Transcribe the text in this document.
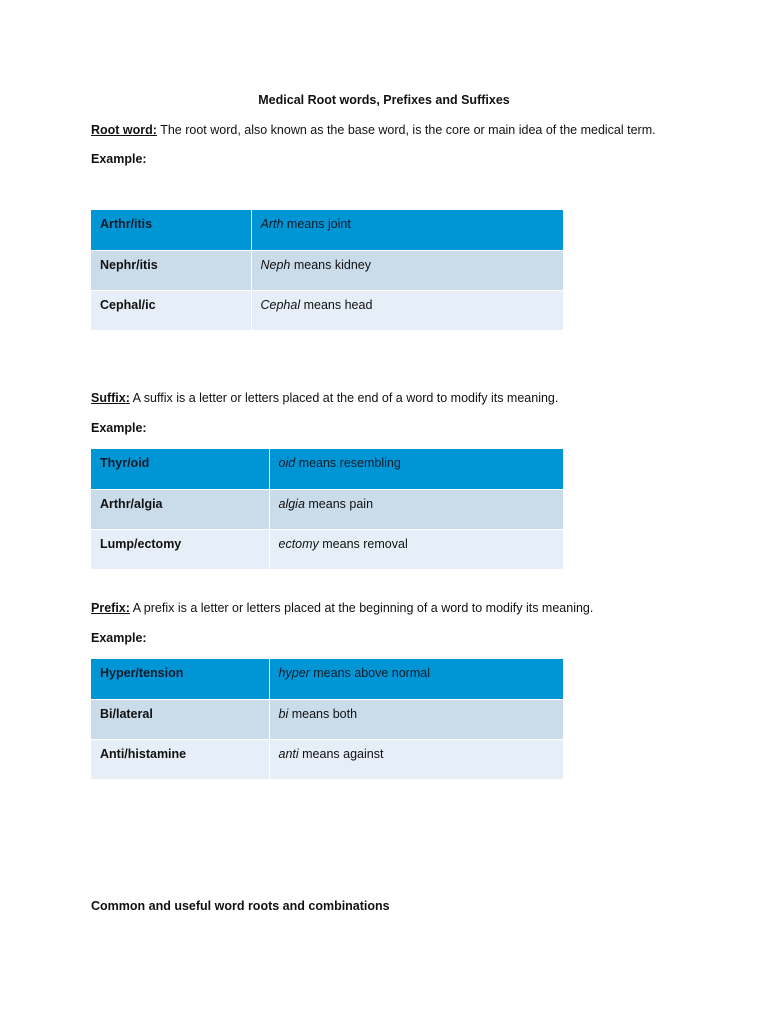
Medical Root words, Prefixes and Suffixes
Root word: The root word, also known as the base word, is the core or main idea of the medical term.
Example:
Arthr/itis	Arth means joint
Nephr/itis	Neph means kidney
Cephal/ic	Cephal means head
Suffix: A suffix is a letter or letters placed at the end of a word to modify its meaning.
Example:
Thyr/oid	oid means resembling
Arthr/algia	algia means pain
Lump/ectomy	ectomy means removal
Prefix: A prefix is a letter or letters placed at the beginning of a word to modify its meaning.
Example:
Hyper/tension	hyper means above normal
Bi/lateral	bi means both
Anti/histamine	anti means against
Common and useful word roots and combinations
